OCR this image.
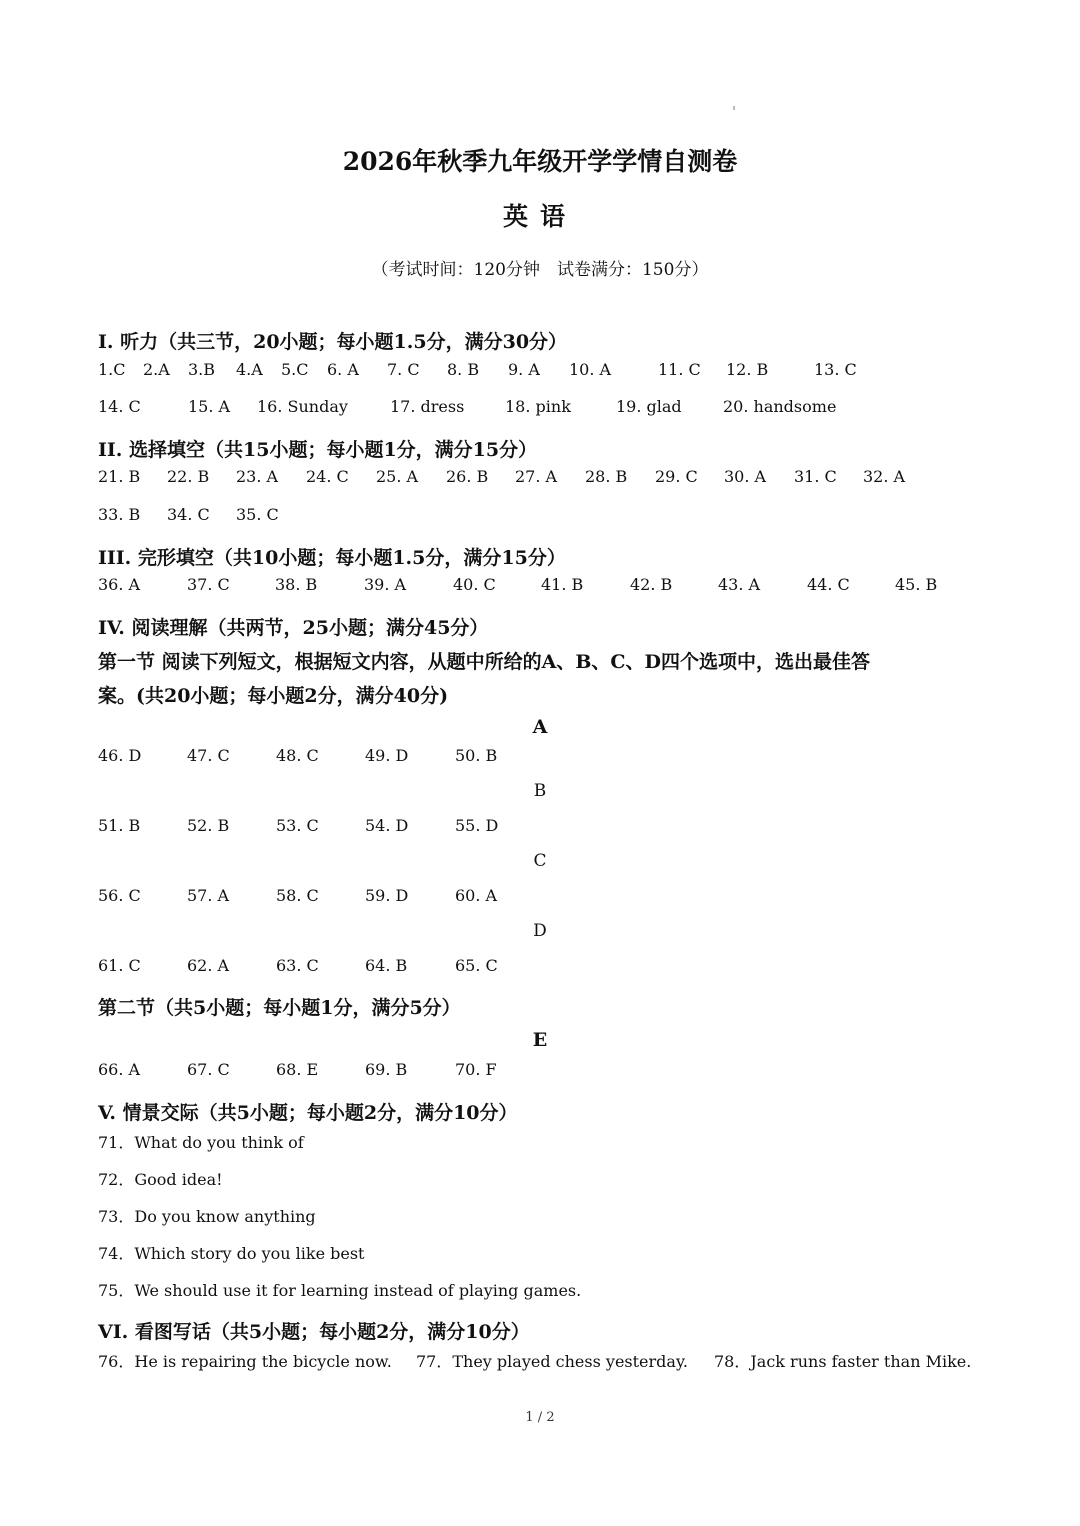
2026年秋季九年级开学学情自测卷
英语
（考试时间：120分钟　试卷满分：150分）
I. 听力（共三节，20小题；每小题1.5分，满分30分）
1.C 2.A 3.B 4.A 5.C 6. A 7. C 8. B 9. A 10. A	11. C 12. B	13. C
14. C	15. A 16. Sunday	17. dress	18. pink	19. glad	20. handsome
II. 选择填空（共15小题；每小题1分，满分15分）
21. B 22. B 23. A 24. C 25. A 26. B 27. A 28. B 29. C 30. A 31. C 32. A
33. B 34. C 35. C
III. 完形填空（共10小题；每小题1.5分，满分15分）
36. A	37. C	38. B	39. A	40. C	41. B	42. B	43. A	44. C	45. B
IV. 阅读理解（共两节，25小题；满分45分）
第一节 阅读下列短文，根据短文内容，从题中所给的A、B、C、D四个选项中，选出最佳答
案。(共20小题；每小题2分，满分40分)
A
46. D	47. C	48. C	49. D	50. B
B
51. B	52. B	53. C	54. D	55. D
C
56. C	57. A	58. C	59. D	60. A
D
61. C	62. A	63. C	64. B	65. C
第二节（共5小题；每小题1分，满分5分）
E
66. A	67. C	68. E	69. B	70. F
V. 情景交际（共5小题；每小题2分，满分10分）
71．What do you think of
72．Good idea!
73．Do you know anything
74．Which story do you like best
75．We should use it for learning instead of playing games.
VI. 看图写话（共5小题；每小题2分，满分10分）
76．He is repairing the bicycle now. 77．They played chess yesterday. 78．Jack runs faster than Mike.
1 / 2
